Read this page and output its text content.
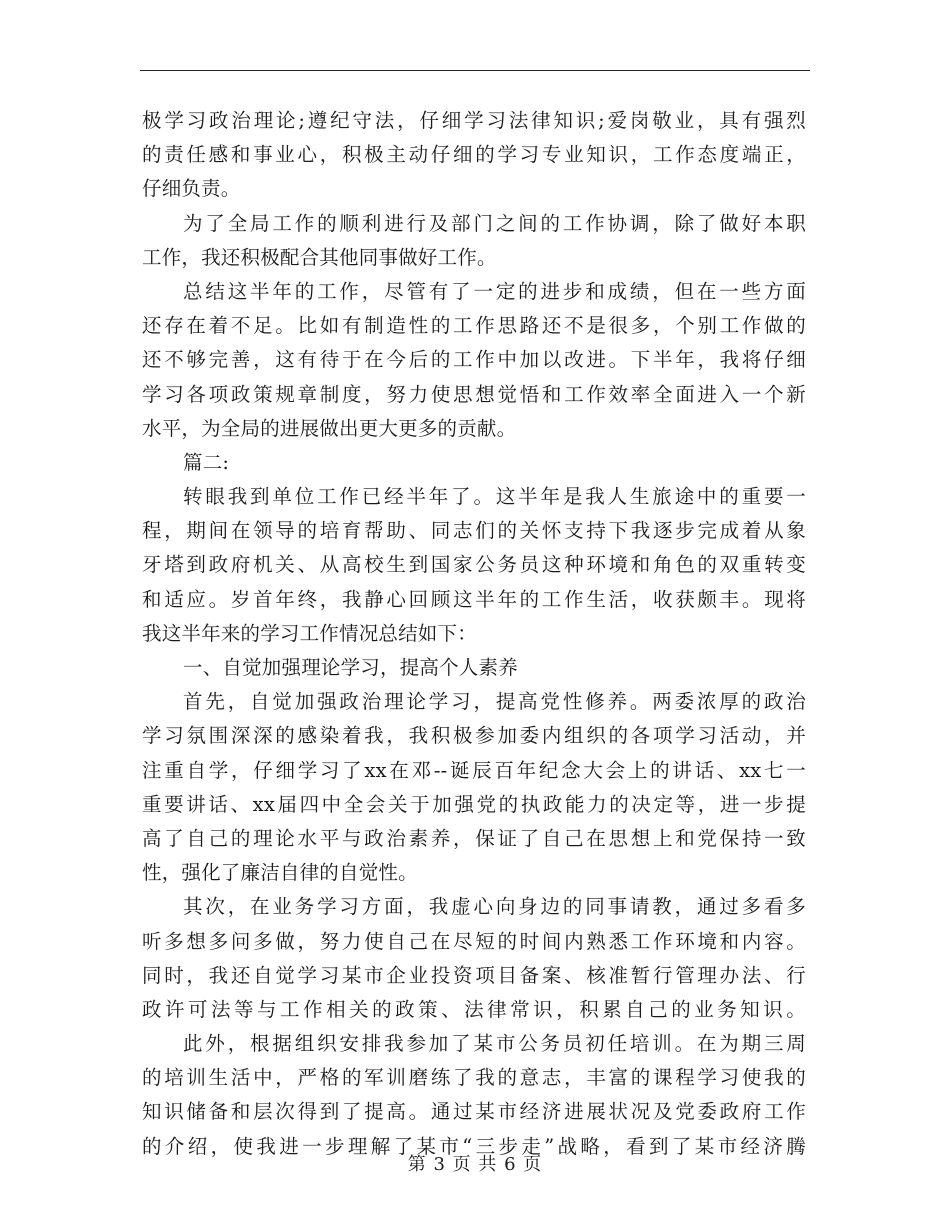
极学习政治理论;遵纪守法，仔细学习法律知识;爱岗敬业，具有强烈
的责任感和事业心，积极主动仔细的学习专业知识，工作态度端正，
仔细负责。
为了全局工作的顺利进行及部门之间的工作协调，除了做好本职
工作，我还积极配合其他同事做好工作。
总结这半年的工作，尽管有了一定的进步和成绩，但在一些方面
还存在着不足。比如有制造性的工作思路还不是很多，个别工作做的
还不够完善，这有待于在今后的工作中加以改进。下半年，我将仔细
学习各项政策规章制度，努力使思想觉悟和工作效率全面进入一个新
水平，为全局的进展做出更大更多的贡献。
篇二:
转眼我到单位工作已经半年了。这半年是我人生旅途中的重要一
程，期间在领导的培育帮助、同志们的关怀支持下我逐步完成着从象
牙塔到政府机关、从高校生到国家公务员这种环境和角色的双重转变
和适应。岁首年终，我静心回顾这半年的工作生活，收获颇丰。现将
我这半年来的学习工作情况总结如下：
一、自觉加强理论学习，提高个人素养
首先，自觉加强政治理论学习，提高党性修养。两委浓厚的政治
学习氛围深深的感染着我，我积极参加委内组织的各项学习活动，并
注重自学，仔细学习了xx在邓--诞辰百年纪念大会上的讲话、xx七一
重要讲话、xx届四中全会关于加强党的执政能力的决定等，进一步提
高了自己的理论水平与政治素养，保证了自己在思想上和党保持一致
性，强化了廉洁自律的自觉性。
其次，在业务学习方面，我虚心向身边的同事请教，通过多看多
听多想多问多做，努力使自己在尽短的时间内熟悉工作环境和内容。
同时，我还自觉学习某市企业投资项目备案、核准暂行管理办法、行
政许可法等与工作相关的政策、法律常识，积累自己的业务知识。
此外，根据组织安排我参加了某市公务员初任培训。在为期三周
的培训生活中，严格的军训磨练了我的意志，丰富的课程学习使我的
知识储备和层次得到了提高。通过某市经济进展状况及党委政府工作
的介绍，使我进一步理解了某市“三步走”战略，看到了某市经济腾
第 3 页 共 6 页
